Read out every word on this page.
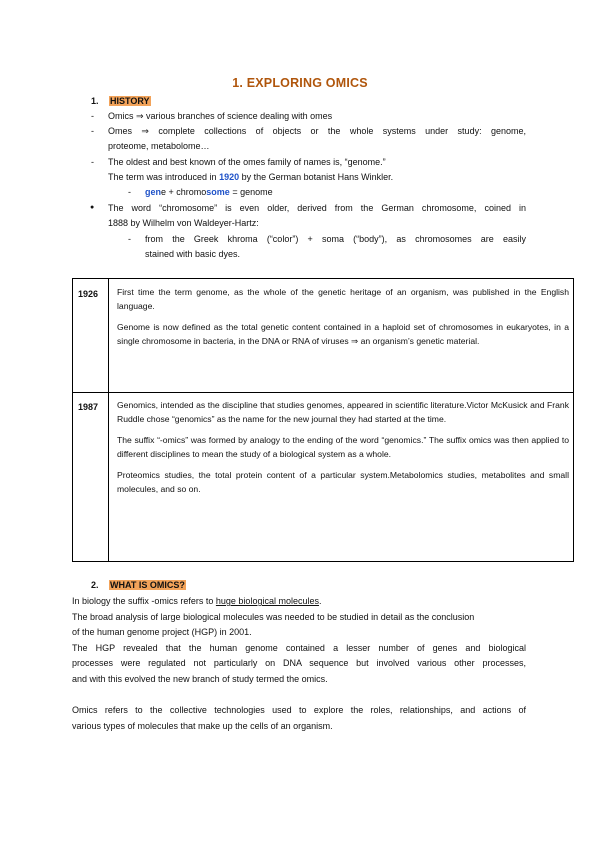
1. EXPLORING OMICS
1. HISTORY
- Omics ⇒ various branches of science dealing with omes
- Omes ⇒ complete collections of objects or the whole systems under study: genome,
proteome, metabolome…
- The oldest and best known of the omes family of names is, “genome.”
The term was introduced in 1920 by the German botanist Hans Winkler.
- gene + chromosome = genome
● The word “chromosome” is even older, derived from the German chromosome, coined in
1888 by Wilhelm von Waldeyer-Hartz:
- from the Greek khroma (“color”) + soma (“body”), as chromosomes are easily
stained with basic dyes.
1926 First time the term genome, as the whole of the genetic heritage of an organism, was published in the English language.

Genome is now defined as the total genetic content contained in a haploid set of chromosomes in eukaryotes, in a single chromosome in bacteria, in the DNA or RNA of viruses ⇒ an organism’s genetic material.

1987 Genomics, intended as the discipline that studies genomes, appeared in scientific literature.Victor McKusick and Frank Ruddle chose “genomics” as the name for the new journal they had started at the time.

The suffix “-omics” was formed by analogy to the ending of the word “genomics.” The suffix omics was then applied to different disciplines to mean the study of a biological system as a whole.

Proteomics studies, the total protein content of a particular system.Metabolomics studies, metabolites and small molecules, and so on.

2. WHAT IS OMICS?
In biology the suffix -omics refers to huge biological molecules.
The broad analysis of large biological molecules was needed to be studied in detail as the conclusion
of the human genome project (HGP) in 2001.
The HGP revealed that the human genome contained a lesser number of genes and biological
processes were regulated not particularly on DNA sequence but involved various other processes,
and with this evolved the new branch of study termed the omics.
Omics refers to the collective technologies used to explore the roles, relationships, and actions of
various types of molecules that make up the cells of an organism.
